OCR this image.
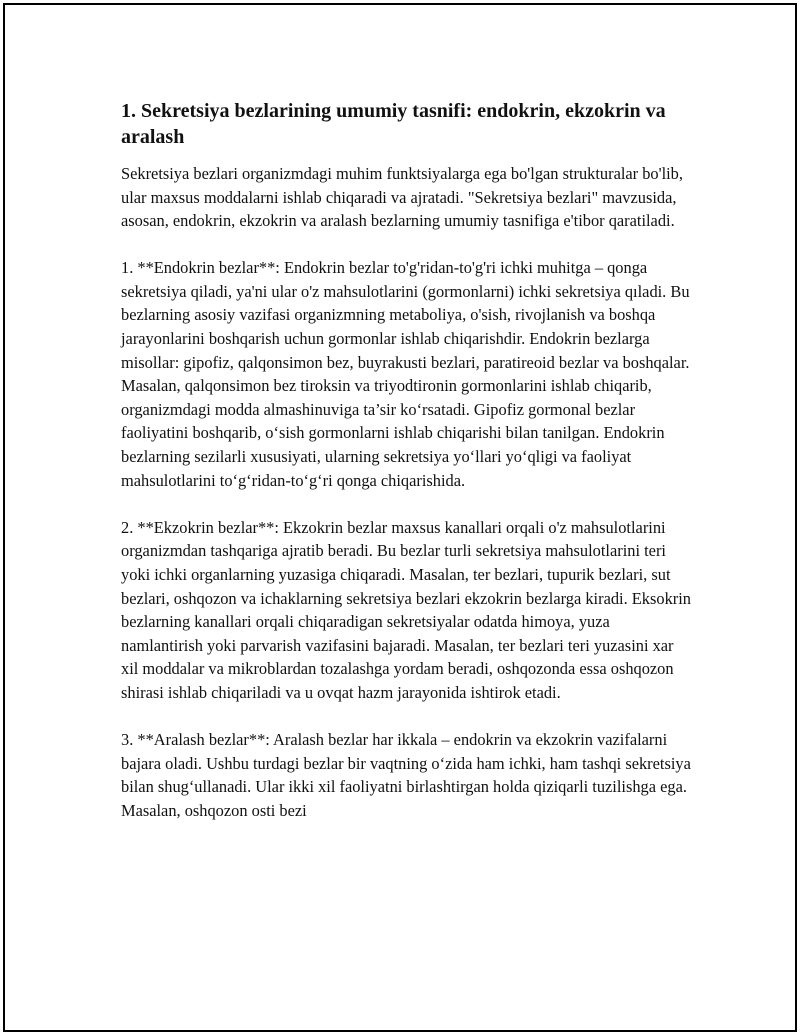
1. Sekretsiya bezlarining umumiy tasnifi: endokrin, ekzokrin va aralash

Sekretsiya bezlari organizmdagi muhim funktsiyalarga ega bo'lgan strukturalar bo'lib, ular maxsus moddalarni ishlab chiqaradi va ajratadi. "Sekretsiya bezlari" mavzusida, asosan, endokrin, ekzokrin va aralash bezlarning umumiy tasnifiga e'tibor qaratiladi.

1. **Endokrin bezlar**: Endokrin bezlar to'g'ridan-to'g'ri ichki muhitga – qonga sekretsiya qiladi, ya'ni ular o'z mahsulotlarini (gormonlarni) ichki sekretsiya qıladi. Bu bezlarning asosiy vazifasi organizmning metaboliya, o'sish, rivojlanish va boshqa jarayonlarini boshqarish uchun gormonlar ishlab chiqarishdir. Endokrin bezlarga misollar: gipofiz, qalqonsimon bez, buyrakusti bezlari, paratireoid bezlar va boshqalar. Masalan, qalqonsimon bez tiroksin va triyodtironin gormonlarini ishlab chiqarib, organizmdagi modda almashinuviga ta’sir ko‘rsatadi. Gipofiz gormonal bezlar faoliyatini boshqarib, o‘sish gormonlarni ishlab chiqarishi bilan tanilgan. Endokrin bezlarning sezilarli xususiyati, ularning sekretsiya yo‘llari yo‘qligi va faoliyat mahsulotlarini to‘g‘ridan-to‘g‘ri qonga chiqarishida.

2. **Ekzokrin bezlar**: Ekzokrin bezlar maxsus kanallari orqali o'z mahsulotlarini organizmdan tashqariga ajratib beradi. Bu bezlar turli sekretsiya mahsulotlarini teri yoki ichki organlarning yuzasiga chiqaradi. Masalan, ter bezlari, tupurik bezlari, sut bezlari, oshqozon va ichaklarning sekretsiya bezlari ekzokrin bezlarga kiradi. Eksokrin bezlarning kanallari orqali chiqaradigan sekretsiyalar odatda himoya, yuza namlantirish yoki parvarish vazifasini bajaradi. Masalan, ter bezlari teri yuzasini xar xil moddalar va mikroblardan tozalashga yordam beradi, oshqozonda essa oshqozon shirasi ishlab chiqariladi va u ovqat hazm jarayonida ishtirok etadi.

3. **Aralash bezlar**: Aralash bezlar har ikkala – endokrin va ekzokrin vazifalarni bajara oladi. Ushbu turdagi bezlar bir vaqtning o‘zida ham ichki, ham tashqi sekretsiya bilan shug‘ullanadi. Ular ikki xil faoliyatni birlashtirgan holda qiziqarli tuzilishga ega. Masalan, oshqozon osti bezi
